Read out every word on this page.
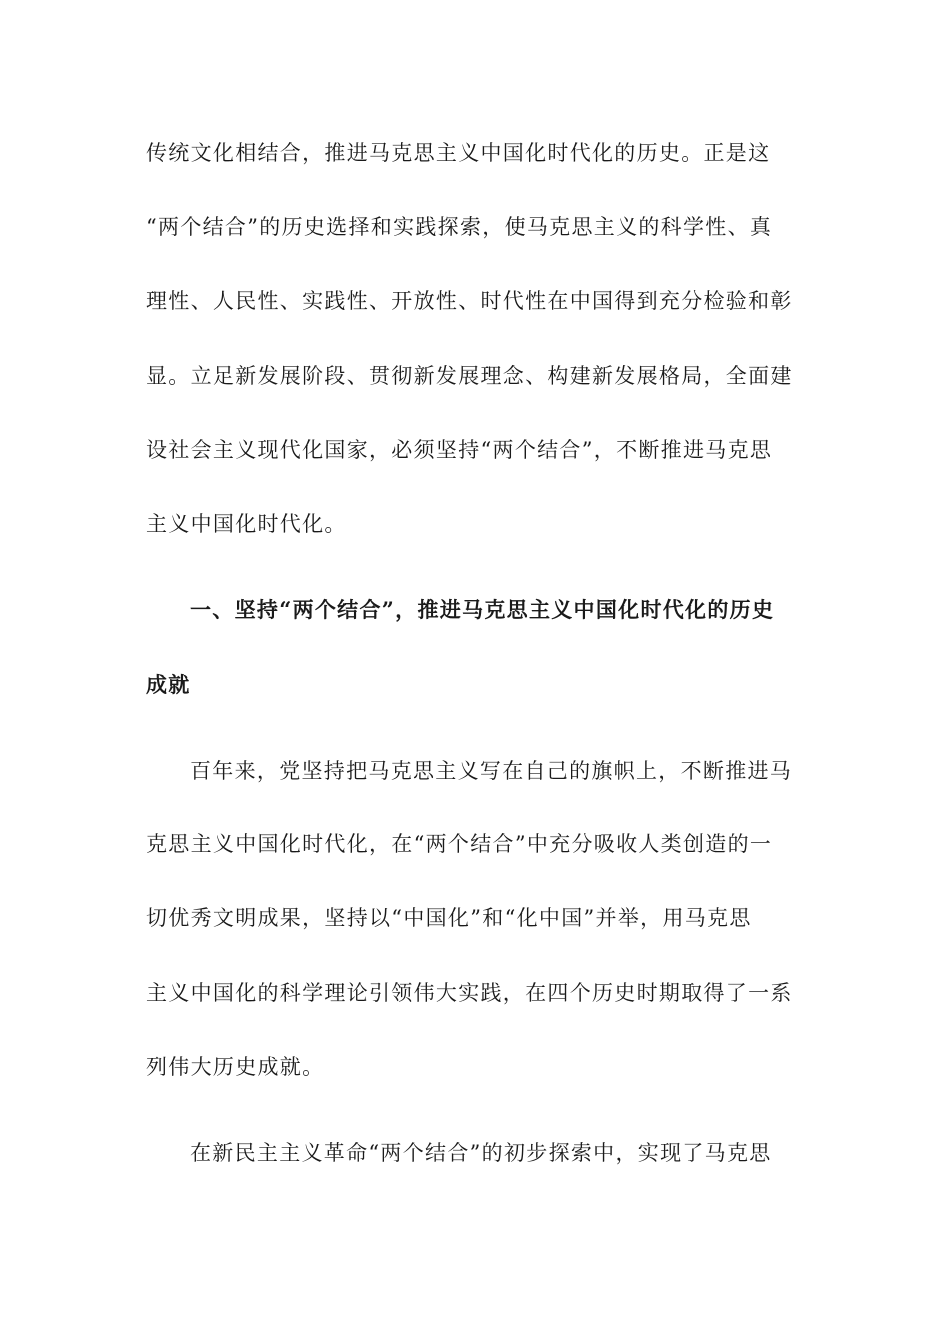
传统文化相结合，推进马克思主义中国化时代化的历史。正是这
“两个结合”的历史选择和实践探索，使马克思主义的科学性、真
理性、人民性、实践性、开放性、时代性在中国得到充分检验和彰
显。立足新发展阶段、贯彻新发展理念、构建新发展格局，全面建
设社会主义现代化国家，必须坚持“两个结合”，不断推进马克思
主义中国化时代化。
一、坚持“两个结合”，推进马克思主义中国化时代化的历史
成就
百年来，党坚持把马克思主义写在自己的旗帜上，不断推进马
克思主义中国化时代化，在“两个结合”中充分吸收人类创造的一
切优秀文明成果，坚持以“中国化”和“化中国”并举，用马克思
主义中国化的科学理论引领伟大实践，在四个历史时期取得了一系
列伟大历史成就。
在新民主主义革命“两个结合”的初步探索中，实现了马克思
